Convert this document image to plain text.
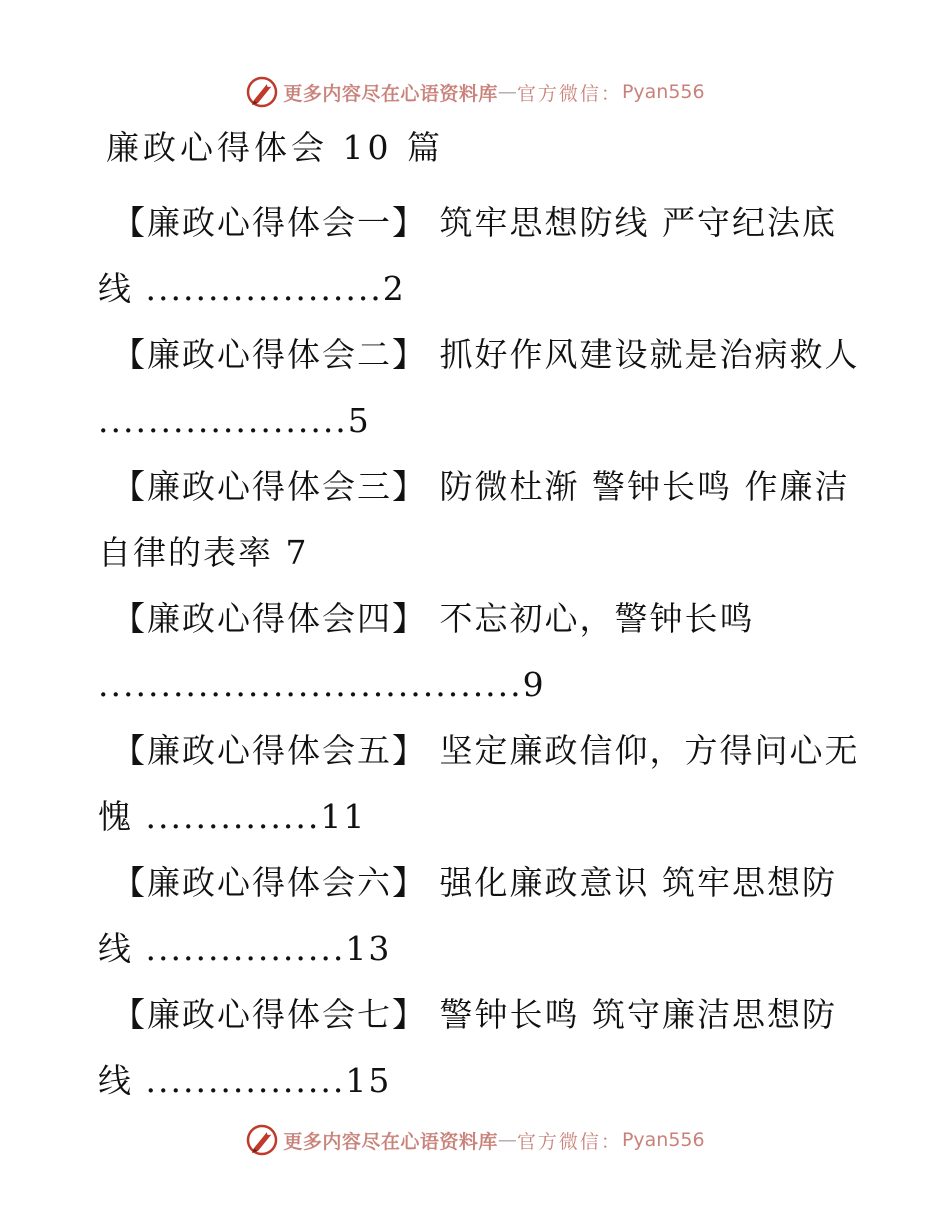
更多内容尽在心语资料库 — 官方微信： Pyan556
廉政心得体会 10 篇
【廉政心得体会一】 筑牢思想防线 严守纪法底
线 ...................2
【廉政心得体会二】 抓好作风建设就是治病救人
....................5
【廉政心得体会三】 防微杜渐 警钟长鸣 作廉洁
自律的表率 7
【廉政心得体会四】 不忘初心，警钟长鸣
..................................9
【廉政心得体会五】 坚定廉政信仰，方得问心无
愧 ..............11
【廉政心得体会六】 强化廉政意识 筑牢思想防
线 ................13
【廉政心得体会七】 警钟长鸣 筑守廉洁思想防
线 ................15
更多内容尽在心语资料库 — 官方微信： Pyan556
